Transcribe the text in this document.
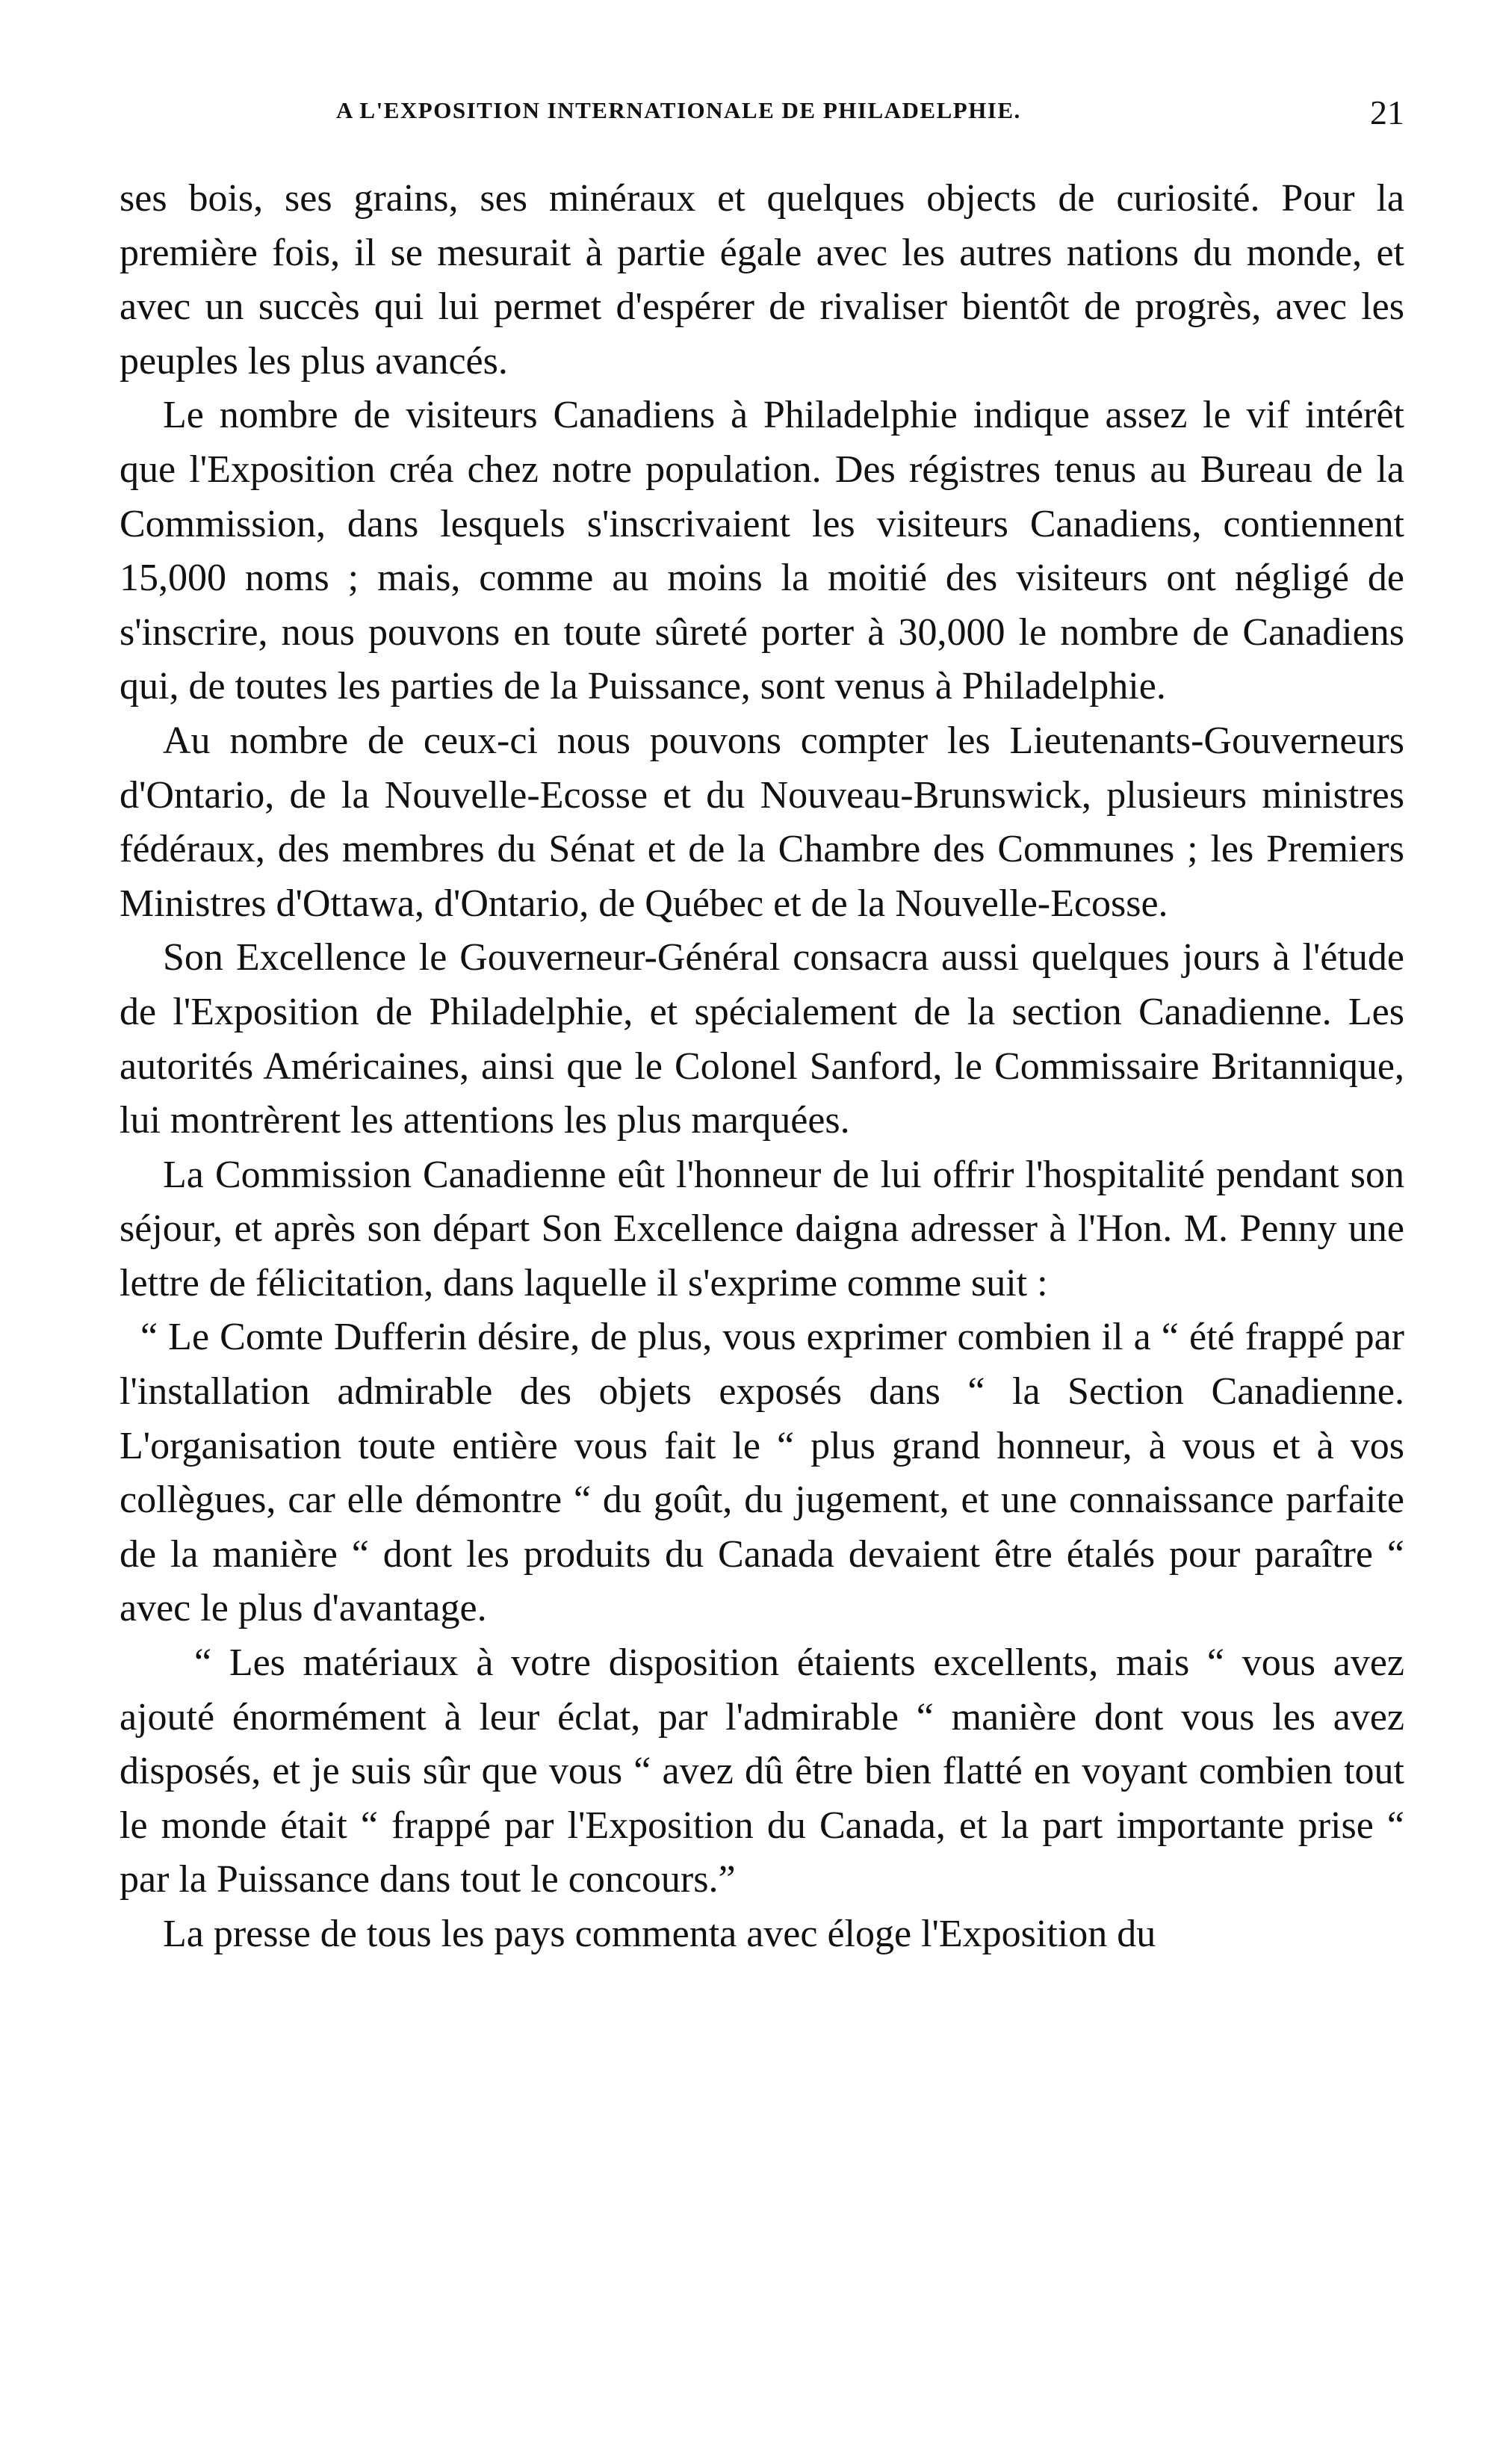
A L'EXPOSITION INTERNATIONALE DE PHILADELPHIE.	21

ses bois, ses grains, ses minéraux et quelques objects de curiosité. Pour la première fois, il se mesurait à partie égale avec les autres nations du monde, et avec un succès qui lui permet d'espérer de rivaliser bientôt de progrès, avec les peuples les plus avancés.

Le nombre de visiteurs Canadiens à Philadelphie indique assez le vif intérêt que l'Exposition créa chez notre population. Des régistres tenus au Bureau de la Commission, dans lesquels s'inscrivaient les visiteurs Canadiens, contiennent 15,000 noms ; mais, comme au moins la moitié des visiteurs ont négligé de s'inscrire, nous pouvons en toute sûreté porter à 30,000 le nombre de Canadiens qui, de toutes les parties de la Puissance, sont venus à Philadelphie.

Au nombre de ceux-ci nous pouvons compter les Lieutenants-Gouverneurs d'Ontario, de la Nouvelle-Ecosse et du Nouveau-Brunswick, plusieurs ministres fédéraux, des membres du Sénat et de la Chambre des Communes ; les Premiers Ministres d'Ottawa, d'Ontario, de Québec et de la Nouvelle-Ecosse.

Son Excellence le Gouverneur-Général consacra aussi quelques jours à l'étude de l'Exposition de Philadelphie, et spécialement de la section Canadienne. Les autorités Américaines, ainsi que le Colonel Sanford, le Commissaire Britannique, lui montrèrent les attentions les plus marquées.

La Commission Canadienne eût l'honneur de lui offrir l'hospitalité pendant son séjour, et après son départ Son Excellence daigna adresser à l'Hon. M. Penny une lettre de félicitation, dans laquelle il s'exprime comme suit :

“ Le Comte Dufferin désire, de plus, vous exprimer combien il a “ été frappé par l'installation admirable des objets exposés dans “ la Section Canadienne. L'organisation toute entière vous fait le “ plus grand honneur, à vous et à vos collègues, car elle démontre “ du goût, du jugement, et une connaissance parfaite de la manière “ dont les produits du Canada devaient être étalés pour paraître “ avec le plus d'avantage.

“ Les matériaux à votre disposition étaients excellents, mais “ vous avez ajouté énormément à leur éclat, par l'admirable “ manière dont vous les avez disposés, et je suis sûr que vous “ avez dû être bien flatté en voyant combien tout le monde était “ frappé par l'Exposition du Canada, et la part importante prise “ par la Puissance dans tout le concours.”

La presse de tous les pays commenta avec éloge l'Exposition du
